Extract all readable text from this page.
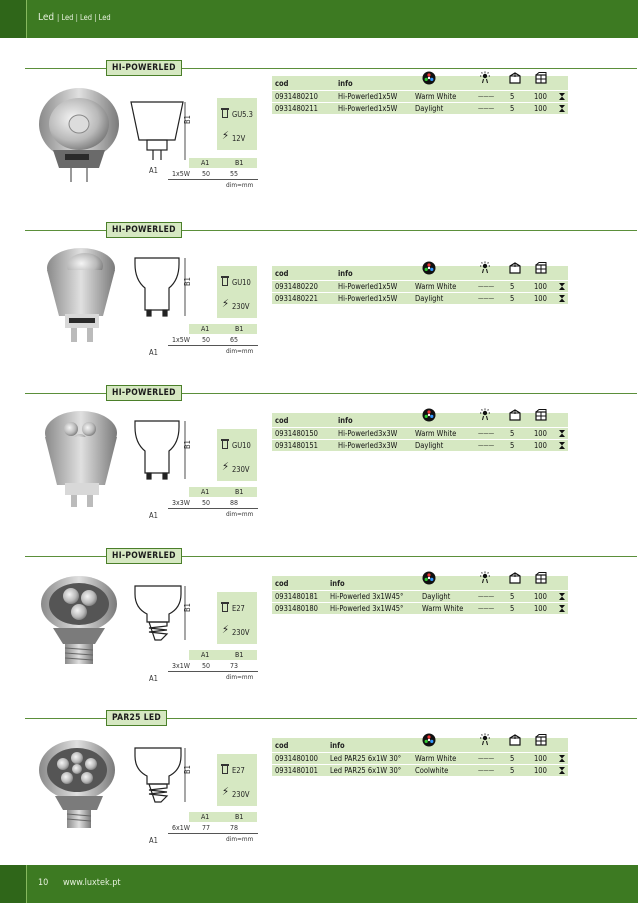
Led | Led | Led | Led
HI-POWERLED
B1
A1
GU5.3
⚡︎ 12V
A1	B1
1x5W 50	55
dim=mm
cod	info
0931480210	Hi-Powerled1x5W Warm White	——— 5	100
0931480211	Hi-Powerled1x5W Daylight	——— 5	100
HI-POWERLED
B1
A1
GU10
⚡︎ 230V
A1	B1
1x5W 50	65
dim=mm
cod	info
0931480220	Hi-Powerled1x5W Warm White	——— 5	100
0931480221	Hi-Powerled1x5W Daylight	——— 5	100
HI-POWERLED
B1
A1
GU10
⚡︎ 230V
A1	B1
3x3W 50	88
dim=mm
cod	info
0931480150	Hi-Powerled3x3W Warm White	——— 5	100
0931480151	Hi-Powerled3x3W Daylight	——— 5	100
HI-POWERLED
B1
A1
E27
⚡︎ 230V
A1	B1
3x1W 50	73
dim=mm
cod	info
0931480181 Hi-Powerled 3x1W45° Daylight	——— 5	100
0931480180 Hi-Powerled 3x1W45° Warm White ——— 5	100
PAR25 LED
B1
A1
E27
⚡︎ 230V
A1	B1
6x1W 77	78
dim=mm
cod	info
0931480100 Led PAR25 6x1W 30° Warm White	——— 5	100
0931480101 Led PAR25 6x1W 30° Coolwhite	——— 5	100
10 www.luxtek.pt
